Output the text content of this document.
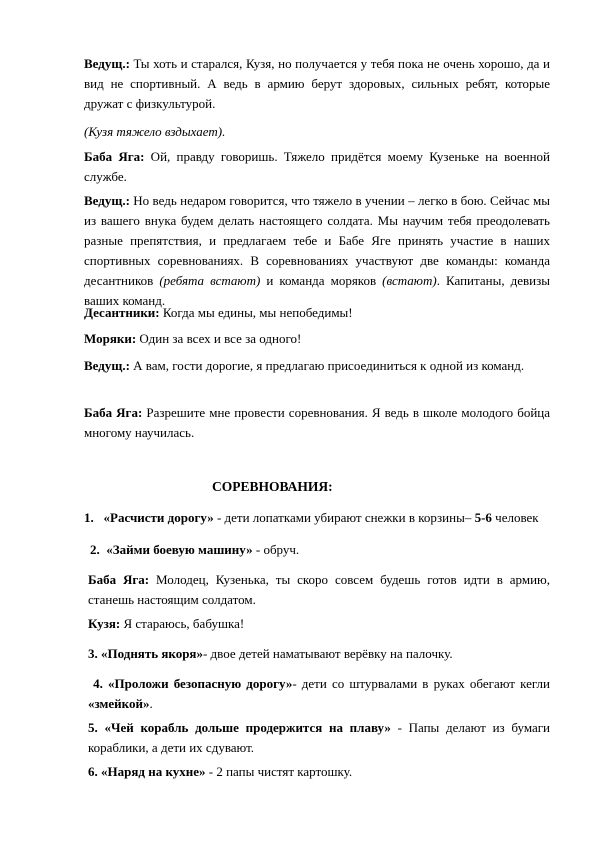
Ведущ.: Ты хоть и старался, Кузя, но получается у тебя пока не очень хорошо, да и вид не спортивный. А ведь в армию берут здоровых, сильных ребят, которые дружат с физкультурой.

(Кузя тяжело вздыхает).

Баба Яга: Ой, правду говоришь. Тяжело придётся моему Кузеньке на военной службе.

Ведущ.: Но ведь недаром говорится, что тяжело в учении – легко в бою. Сейчас мы из вашего внука будем делать настоящего солдата. Мы научим тебя преодолевать разные препятствия, и предлагаем тебе и Бабе Яге принять участие в наших спортивных соревнованиях. В соревнованиях участвуют две команды: команда десантников (ребята встают) и команда моряков (встают). Капитаны, девизы ваших команд.

Десантники: Когда мы едины, мы непобедимы!

Моряки: Один за всех и все за одного!

Ведущ.: А вам, гости дорогие, я предлагаю присоединиться к одной из команд.

Баба Яга: Разрешите мне провести соревнования. Я ведь в школе молодого бойца многому научилась.

СОРЕВНОВАНИЯ:

1. «Расчисти дорогу» - дети лопатками убирают снежки в корзины– 5-6 человек

2. «Займи боевую машину» - обруч.

Баба Яга: Молодец, Кузенька, ты скоро совсем будешь готов идти в армию, станешь настоящим солдатом.

Кузя: Я стараюсь, бабушка!

3. «Поднять якоря»- двое детей наматывают верёвку на палочку.

4. «Проложи безопасную дорогу»- дети со штурвалами в руках обегают кегли «змейкой».

5. «Чей корабль дольше продержится на плаву» - Папы делают из бумаги кораблики, а дети их сдувают.

6. «Наряд на кухне» - 2 папы чистят картошку.
